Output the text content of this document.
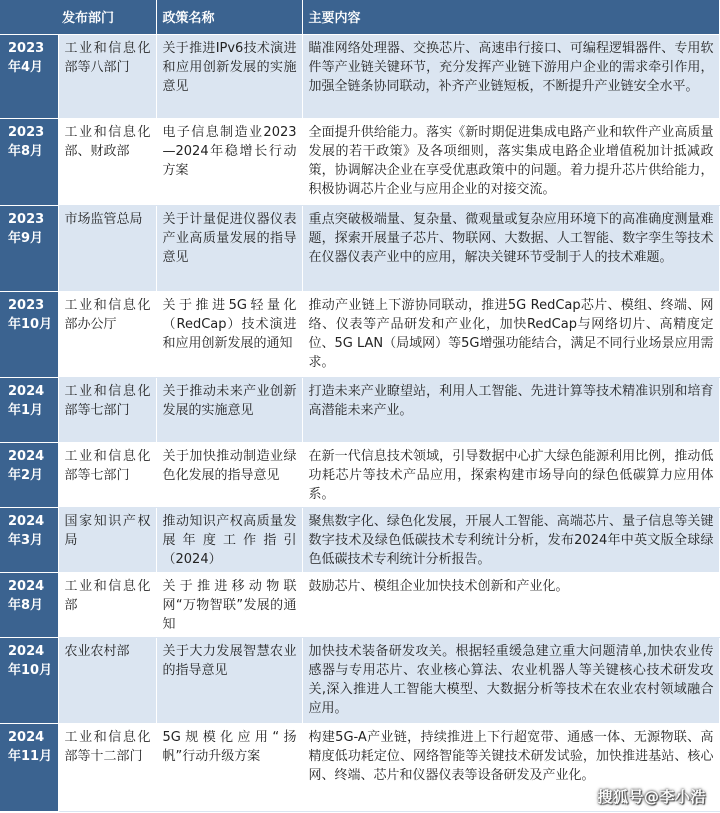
发布部门		政策名称	主要内容
2023年4月	工业和信息化部等八部门	关于推进IPv6技术演进和应用创新发展的实施意见	瞄准网络处理器、交换芯片、高速串行接口、可编程逻辑器件、专用软件等产业链关键环节，充分发挥产业链下游用户企业的需求牵引作用，加强全链条协同联动，补齐产业链短板，不断提升产业链安全水平。
2023年8月	工业和信息化部、财政部	电子信息制造业2023—2024年稳增长行动方案	全面提升供给能力。落实《新时期促进集成电路产业和软件产业高质量发展的若干政策》及各项细则，落实集成电路企业增值税加计抵减政策，协调解决企业在享受优惠政策中的问题。着力提升芯片供给能力，积极协调芯片企业与应用企业的对接交流。
2023年9月	市场监管总局	关于计量促进仪器仪表产业高质量发展的指导意见	重点突破极端量、复杂量、微观量或复杂应用环境下的高准确度测量难题，探索开展量子芯片、物联网、大数据、人工智能、数字孪生等技术在仪器仪表产业中的应用，解决关键环节受制于人的技术难题。
2023年10月	工业和信息化部办公厅	关于推进5G轻量化（RedCap）技术演进和应用创新发展的通知	推动产业链上下游协同联动，推进5G RedCap芯片、模组、终端、网络、仪表等产品研发和产业化，加快RedCap与网络切片、高精度定位、5G LAN（局域网）等5G增强功能结合，满足不同行业场景应用需求。
2024年1月	工业和信息化部等七部门	关于推动未来产业创新发展的实施意见	打造未来产业瞭望站，利用人工智能、先进计算等技术精准识别和培育高潜能未来产业。
2024年2月	工业和信息化部等七部门	关于加快推动制造业绿色化发展的指导意见	在新一代信息技术领域，引导数据中心扩大绿色能源利用比例，推动低功耗芯片等技术产品应用，探索构建市场导向的绿色低碳算力应用体系。
2024年3月	国家知识产权局	推动知识产权高质量发展年度工作指引（2024）	聚焦数字化、绿色化发展，开展人工智能、高端芯片、量子信息等关键数字技术及绿色低碳技术专利统计分析，发布2024年中英文版全球绿色低碳技术专利统计分析报告。
2024年8月	工业和信息化部	关于推进移动物联网“万物智联”发展的通知	鼓励芯片、模组企业加快技术创新和产业化。
2024年10月	农业农村部	关于大力发展智慧农业的指导意见	加快技术装备研发攻关。根据轻重缓急建立重大问题清单,加快农业传感器与专用芯片、农业核心算法、农业机器人等关键核心技术研发攻关,深入推进人工智能大模型、大数据分析等技术在农业农村领域融合应用。
2024年11月	工业和信息化部等十二部门	5G规模化应用“扬帆”行动升级方案	构建5G-A产业链，持续推进上下行超宽带、通感一体、无源物联、高精度低功耗定位、网络智能等关键技术研发试验，加快推进基站、核心网、终端、芯片和仪器仪表等设备研发及产业化。
搜狐号@李小浩
